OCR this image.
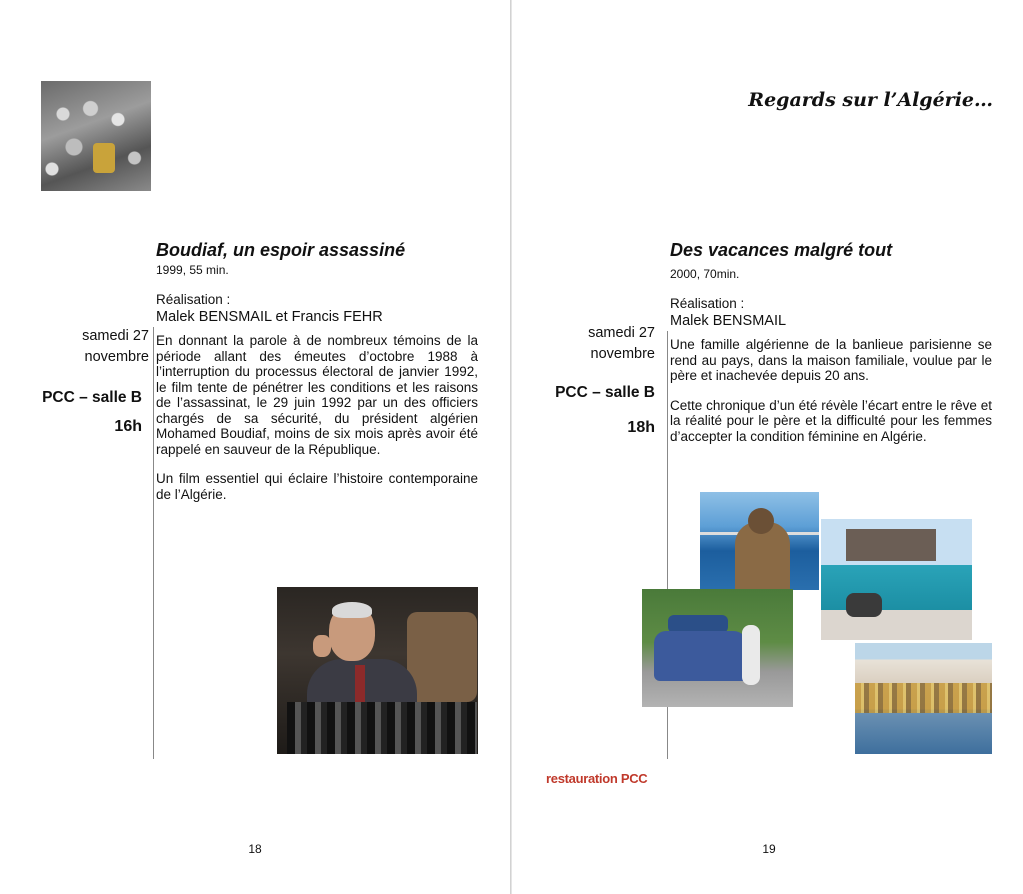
Boudiaf, un espoir assassiné
1999, 55 min.
Réalisation :
Malek BENSMAIL et Francis FEHR

En donnant la parole à de nombreux témoins de la période allant des émeutes d’octobre 1988 à l’interruption du processus électoral de janvier 1992, le film tente de pénétrer les conditions et les raisons de l’assassinat, le 29 juin 1992 par un des officiers chargés de sa sécurité, du président algérien Mohamed Boudiaf, moins de six mois après avoir été rappelé en sauveur de la République.

Un film essentiel qui éclaire l’histoire contemporaine de l’Algérie.

samedi 27
novembre
PCC – salle B
16h
18
Regards sur l’Algérie…
Des vacances malgré tout
2000, 70min.
Réalisation :
Malek BENSMAIL

Une famille algérienne de la banlieue parisienne se rend au pays, dans la maison familiale, voulue par le père et inachevée depuis 20 ans.

Cette chronique d’un été révèle l’écart entre le rêve et la réalité pour le père et la difficulté pour les femmes d’accepter la condition féminine en Algérie.

samedi 27
novembre
PCC – salle B
18h
restauration PCC
19
